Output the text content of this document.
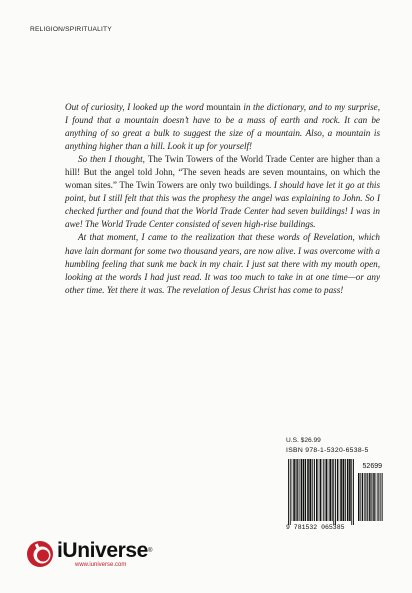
RELIGION/SPIRITUALITY

Out of curiosity, I looked up the word mountain in the dictionary, and to my surprise, I found that a mountain doesn’t have to be a mass of earth and rock. It can be anything of so great a bulk to suggest the size of a mountain. Also, a mountain is anything higher than a hill. Look it up for yourself!

So then I thought, The Twin Towers of the World Trade Center are higher than a hill! But the angel told John, “The seven heads are seven mountains, on which the woman sites.” The Twin Towers are only two buildings. I should have let it go at this point, but I still felt that this was the prophesy the angel was explaining to John. So I checked further and found that the World Trade Center had seven buildings! I was in awe! The World Trade Center consisted of seven high-rise buildings.

At that moment, I came to the realization that these words of Revelation, which have lain dormant for some two thousand years, are now alive. I was overcome with a humbling feeling that sunk me back in my chair. I just sat there with my mouth open, looking at the words I had just read. It was too much to take in at one time—or any other time. Yet there it was. The revelation of Jesus Christ has come to pass!

U.S. $26.99
ISBN 978-1-5320-6538-5
52699
9 781532 065385
iUniverse®
www.iuniverse.com
